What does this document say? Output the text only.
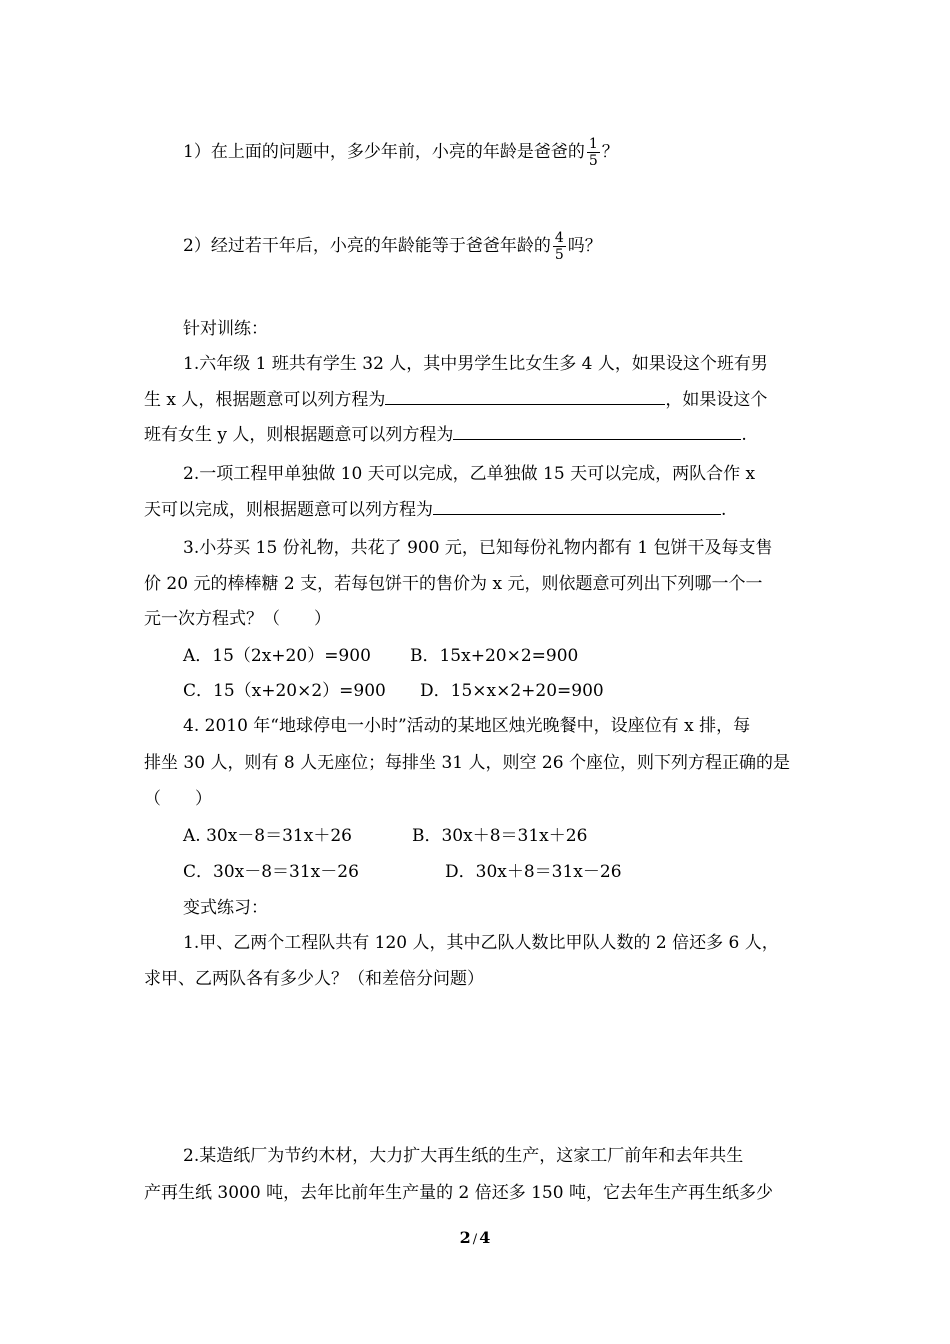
1）在上面的问题中，多少年前，小亮的年龄是爸爸的 $\frac{1}{5}$ ？
2）经过若干年后，小亮的年龄能等于爸爸年龄的 $\frac{4}{5}$ 吗？
针对训练：
1.六年级 1 班共有学生 32 人，其中男学生比女生多 4 人，如果设这个班有男
生 x 人，根据题意可以列方程为	，如果设这个
班有女生 y 人，则根据题意可以列方程为	.
2.一项工程甲单独做 10 天可以完成，乙单独做 15 天可以完成，两队合作 x
天可以完成，则根据题意可以列方程为	.
3.小芬买 15 份礼物，共花了 900 元，已知每份礼物内都有 1 包饼干及每支售
价 20 元的棒棒糖 2 支，若每包饼干的售价为 x 元，则依题意可列出下列哪一个一
元一次方程式？（　　）
A．15（2x+20）=900 B．15x+20×2=900
C．15（x+20×2）=900 D．15×x×2+20=900
4. 2010 年“地球停电一小时”活动的某地区烛光晚餐中，设座位有 x 排，每
排坐 30 人，则有 8 人无座位；每排坐 31 人，则空 26 个座位，则下列方程正确的是
（　　）
A. 30x－8＝31x＋26	B．30x＋8＝31x＋26
C．30x－8＝31x－26	D．30x＋8＝31x－26
变式练习：
1.甲、乙两个工程队共有 120 人，其中乙队人数比甲队人数的 2 倍还多 6 人，
求甲、乙两队各有多少人？（和差倍分问题）
2.某造纸厂为节约木材，大力扩大再生纸的生产，这家工厂前年和去年共生
产再生纸 3000 吨，去年比前年生产量的 2 倍还多 150 吨，它去年生产再生纸多少
2 / 4
